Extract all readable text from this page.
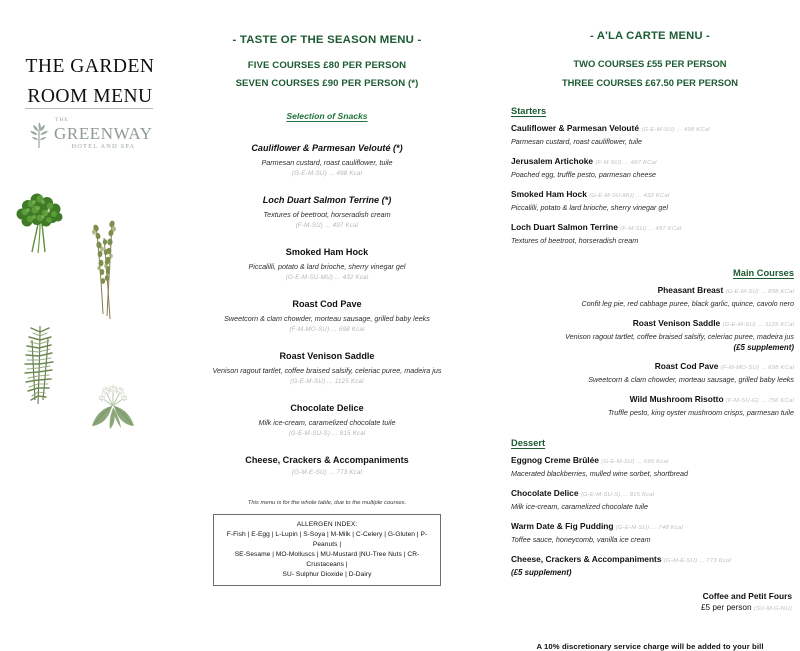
THE GARDEN
ROOM MENU
THE
GREENWAY
HOTEL AND SPA
- TASTE OF THE SEASON MENU -
FIVE COURSES £80 PER PERSON
SEVEN COURSES £90 PER PERSON (*)
Selection of Snacks
Cauliflower & Parmesan Velouté (*)
Parmesan custard, roast cauliflower, tuile
(G-E-M-SU) ... 498 Kcal
Loch Duart Salmon Terrine (*)
Textures of beetroot, horseradish cream
(F-M-SU) ... 497 Kcal
Smoked Ham Hock
Piccalilli, potato & lard brioche, sherry vinegar gel
(G-E-M-SU-MU) ... 432 Kcal
Roast Cod Pave
Sweetcorn & clam chowder, morteau sausage, grilled baby leeks
(F-M-MO-SU) ... 698 Kcal
Roast Venison Saddle
Venison ragout tartlet, coffee braised salsify, celeriac puree, madeira jus
(G-E-M-SU) ... 1125 Kcal
Chocolate Delice
Milk ice-cream, caramelized chocolate tuile
(G-E-M-SU-S) ... 815 Kcal
Cheese, Crackers & Accompaniments
(G-M-E-SU) ... 773 Kcal
This menu is for the whole table, due to the multiple courses.
ALLERGEN INDEX:
F-Fish | E-Egg | L-Lupin | S-Soya | M-Milk | C-Celery | G-Gluten | P-Peanuts |
SE-Sesame | MO-Molluscs | MU-Mustard |NU-Tree Nuts | CR-Crustaceans |
SU- Sulphur Dioxide | D-Dairy
- A'LA CARTE MENU -
TWO COURSES £55 PER PERSON
THREE COURSES £67.50 PER PERSON
Starters
Cauliflower & Parmesan Velouté (G-E-M-SU) ... 498 KCal
Parmesan custard, roast cauliflower, tuile
Jerusalem Artichoke (F-M-SU) ... 497 KCal
Poached egg, truffle pesto, parmesan cheese
Smoked Ham Hock (G-E-M-SU-MU) ... 432 KCal
Piccalilli, potato & lard brioche, sherry vinegar gel
Loch Duart Salmon Terrine (F-M-SU) ... 497 KCal
Textures of beetroot, horseradish cream
Main Courses
Pheasant Breast (G-E-M-SU) ... 898 KCal
Confit leg pie, red cabbage puree, black garlic, quince, cavolo nero
Roast Venison Saddle (G-E-M-SU) ... 1125 KCal
Venison ragout tartlet, coffee braised salsify, celeriac puree, madeira jus
(£5 supplement)
Roast Cod Pave (F-M-MO-SU) ... 698 KCal
Sweetcorn & clam chowder, morteau sausage, grilled baby leeks
Wild Mushroom Risotto (F-M-SU-G) ... 756 KCal
Truffle pesto, king oyster mushroom crisps, parmesan tuile
Dessert
Eggnog Creme Brûlée (G-E-M-SU) ... 695 Kcal
Macerated blackberries, mulled wine sorbet, shortbread
Chocolate Delice (G-E-M-SU-S) ... 815 Kcal
Milk ice-cream, caramelized chocolate tuile
Warm Date & Fig Pudding (G-E-M-SU) ... 748 Kcal
Toffee sauce, honeycomb, vanilla ice cream
Cheese, Crackers & Accompaniments (G-M-E-SU) ... 773 Kcal
(£5 supplement)
Coffee and Petit Fours
£5 per person (SU-M-G-NU)
A 10% discretionary service charge will be added to your bill
